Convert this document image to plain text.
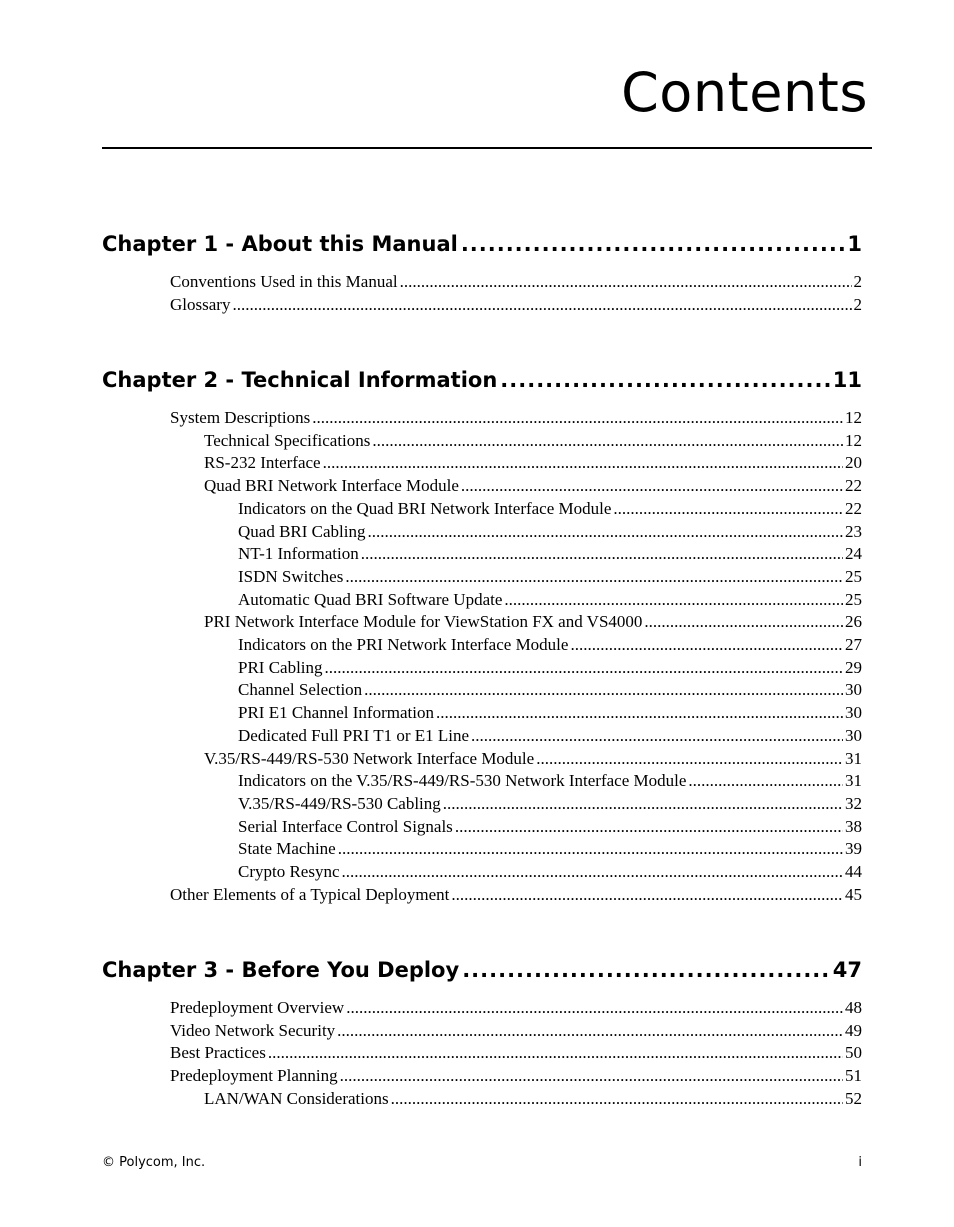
Contents
Chapter 1 - About this Manual .....	1
Conventions Used in this Manual .....	2
Glossary .....	2
Chapter 2 - Technical Information .....	11
System Descriptions .....	12
Technical Specifications .....	12
RS-232 Interface .....	20
Quad BRI Network Interface Module .....	22
Indicators on the Quad BRI Network Interface Module .....	22
Quad BRI Cabling .....	23
NT-1 Information .....	24
ISDN Switches .....	25
Automatic Quad BRI Software Update .....	25
PRI Network Interface Module for ViewStation FX and VS4000 .....	26
Indicators on the PRI Network Interface Module .....	27
PRI Cabling .....	29
Channel Selection .....	30
PRI E1 Channel Information .....	30
Dedicated Full PRI T1 or E1 Line .....	30
V.35/RS-449/RS-530 Network Interface Module .....	31
Indicators on the V.35/RS-449/RS-530 Network Interface Module .....	31
V.35/RS-449/RS-530 Cabling .....	32
Serial Interface Control Signals .....	38
State Machine .....	39
Crypto Resync .....	44
Other Elements of a Typical Deployment .....	45
Chapter 3 - Before You Deploy .....	47
Predeployment Overview .....	48
Video Network Security .....	49
Best Practices .....	50
Predeployment Planning .....	51
LAN/WAN Considerations .....	52
© Polycom, Inc.	i
